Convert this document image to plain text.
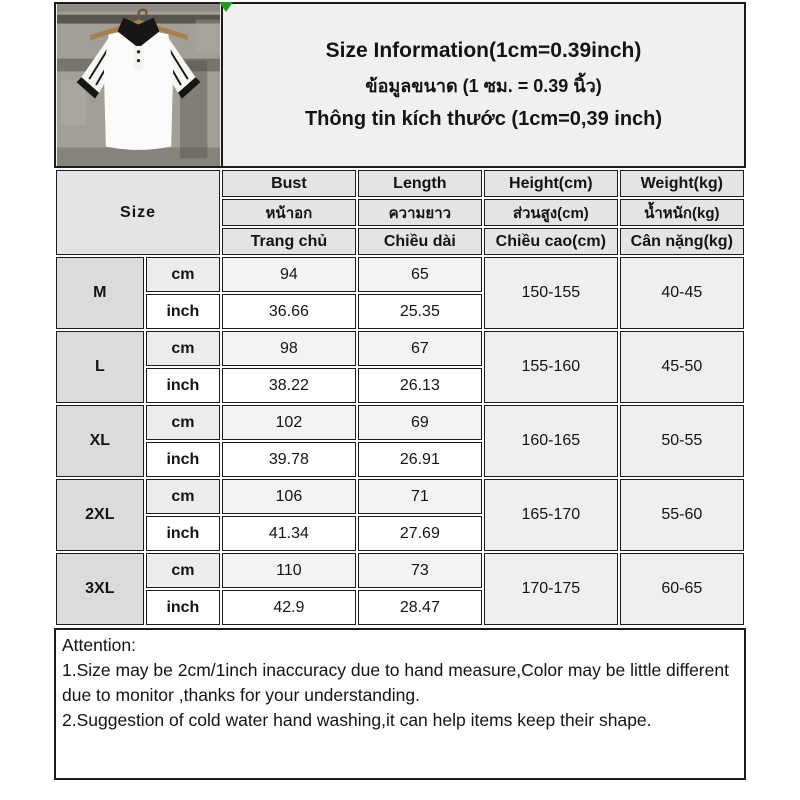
Size Information(1cm=0.39inch)
ข้อมูลขนาด (1 ซม. = 0.39 นิ้ว)
Thông tin kích thước (1cm=0,39 inch)
Size		Bust	Length	Height(cm)	Weight(kg)
		หน้าอก	ความยาว	ส่วนสูง(cm)	น้ำหนัก(kg)
		Trang chủ	Chiều dài	Chiều cao(cm)	Cân nặng(kg)
M	cm	94	65	150-155	40-45
	inch	36.66	25.35		
L	cm	98	67	155-160	45-50
	inch	38.22	26.13		
XL	cm	102	69	160-165	50-55
	inch	39.78	26.91		
2XL	cm	106	71	165-170	55-60
	inch	41.34	27.69		
3XL	cm	110	73	170-175	60-65
	inch	42.9	28.47		
Attention:
1.Size may be 2cm/1inch inaccuracy due to hand measure,Color may be little different due to monitor ,thanks for your understanding.
2.Suggestion of cold water hand washing,it can help items keep their shape.
